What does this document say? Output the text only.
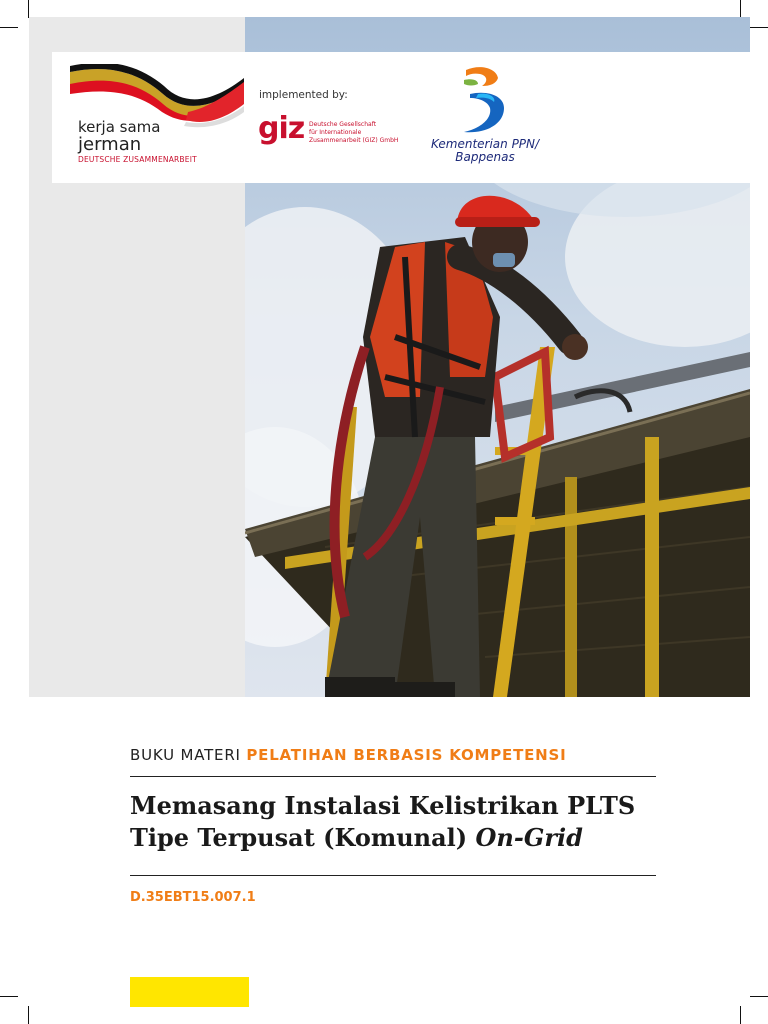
kerja sama
jerman
DEUTSCHE ZUSAMMENARBEIT
implemented by:
giz Deutsche Gesellschaft
für Internationale
Zusammenarbeit (GIZ) GmbH	Kementerian PPN/
Bappenas
BUKU MATERI PELATIHAN BERBASIS KOMPETENSI
Memasang Instalasi Kelistrikan PLTS
Tipe Terpusat (Komunal) On-Grid
D.35EBT15.007.1
